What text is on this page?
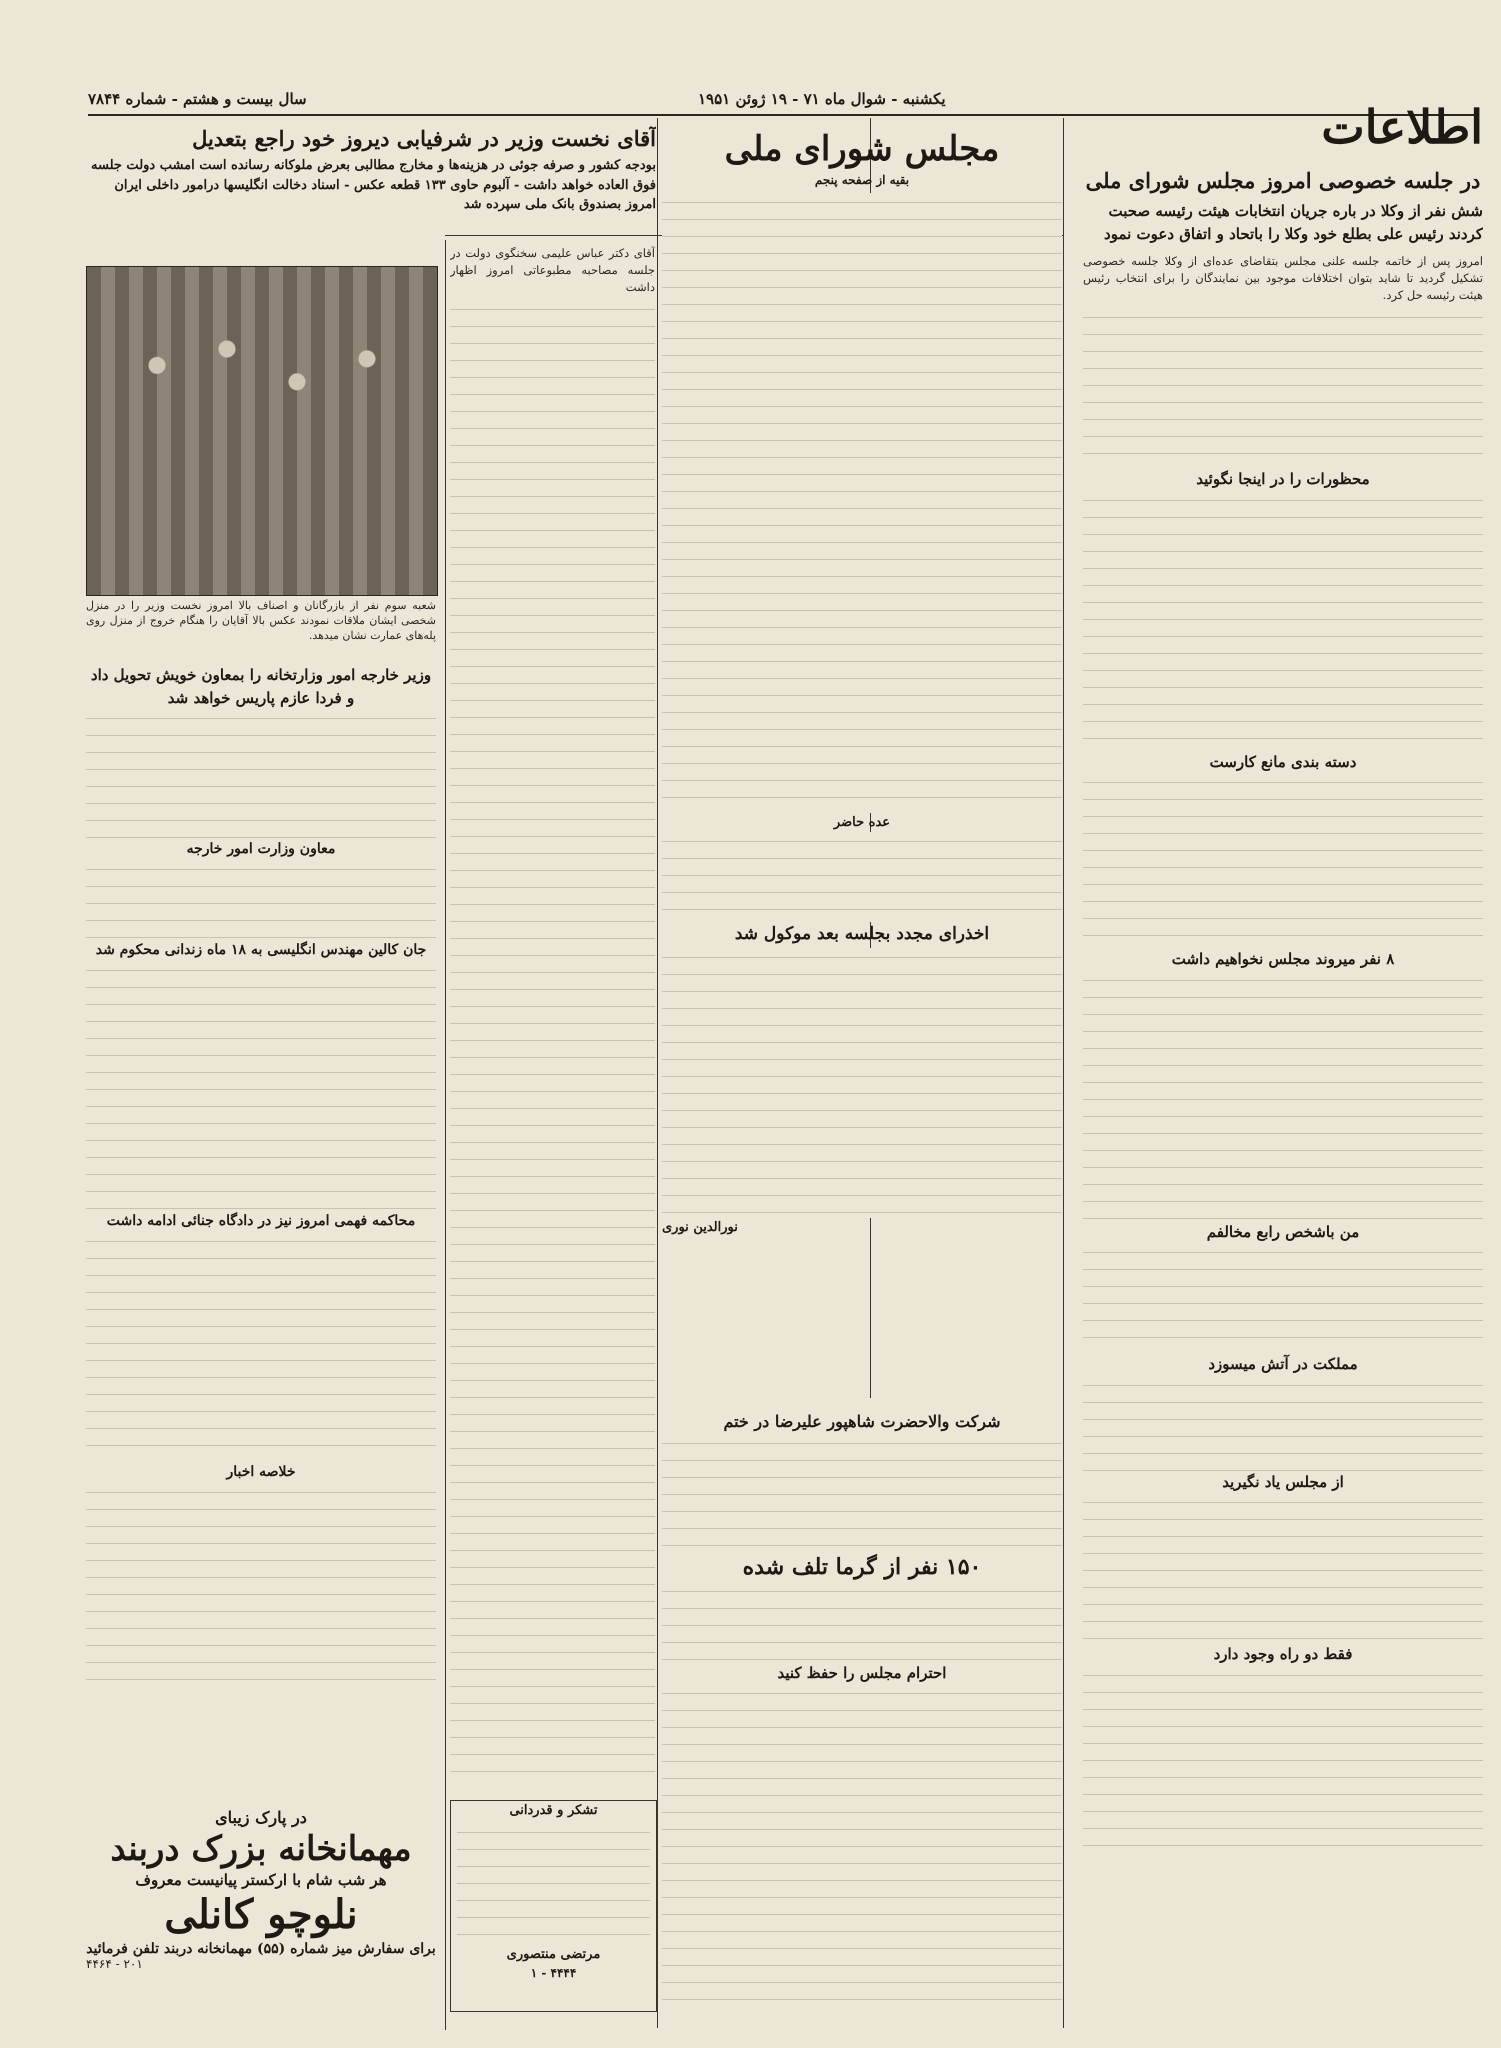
یکشنبه - شوال ماه ۷۱ - ۱۹ ژوئن ۱۹۵۱
سال بیست و هشتم - شماره ۷۸۴۴
اطلاعات
در جلسه خصوصی امروز مجلس شورای ملی
شش نفر از وکلا در باره جریان انتخابات هیئت رئیسه صحبت کردند رئیس علی بطلع خود وکلا را باتحاد و اتفاق دعوت نمود
امروز پس از خاتمه جلسه علنی مجلس بتقاضای عده‌ای از وکلا جلسه خصوصی تشکیل گردید تا شاید بتوان اختلافات موجود بین نمایندگان را برای انتخاب رئیس هیئت رئیسه حل کرد.
محظورات را در اینجا نگوئید
دسته بندی مانع کارست
۸ نفر میروند مجلس نخواهیم داشت
من باشخص رابع مخالفم
مملکت در آتش میسوزد
از مجلس یاد نگیرید
فقط دو راه وجود دارد
مجلس شورای ملی
بقیه از صفحه پنجم
عده حاضر
اخذرای مجدد بجلسه بعد موکول شد
نورالدین نوری
آقای نخست وزیر در شرفیابی دیروز خود راجع بتعدیل
بودجه کشور و صرفه جوئی در هزینه‌ها و مخارج مطالبی بعرض ملوکانه رسانده است امشب دولت جلسه فوق العاده خواهد داشت - آلبوم حاوی ۱۳۳ قطعه عکس - اسناد دخالت انگلیسها درامور داخلی ایران امروز بصندوق بانک ملی سپرده شد
آقای دکتر عباس علیمی سخنگوی دولت در جلسه مصاحبه مطبوعاتی امروز اظهار داشت
شعبه سوم نفر از بازرگانان و اصناف بالا امروز نخست وزیر را در منزل شخصی ایشان ملاقات نمودند عکس بالا آقایان را هنگام خروج از منزل روی پله‌های عمارت نشان میدهد.
وزیر خارجه امور وزارتخانه را بمعاون خویش تحویل داد و فردا عازم پاریس خواهد شد
معاون وزارت امور خارجه
جان کالین مهندس انگلیسی به ۱۸ ماه زندانی محکوم شد
محاکمه فهمی امروز نیز در دادگاه جنائی ادامه داشت
خلاصه اخبار
شرکت والاحضرت شاهپور علیرضا در ختم
۱۵۰ نفر از گرما تلف شده
احترام مجلس را حفظ کنید
تشکر و قدردانی
مرتضی منتصوری
۴۴۴۴ - ۱
در پارک زیبای
مهمانخانه بزرک دربند
هر شب شام با ارکستر پیانیست معروف
نلوچو کانلی
برای سفارش میز شماره (۵۵) مهمانخانه دربند تلفن فرمائید
۴۴۶۴ - ۲۰۱
